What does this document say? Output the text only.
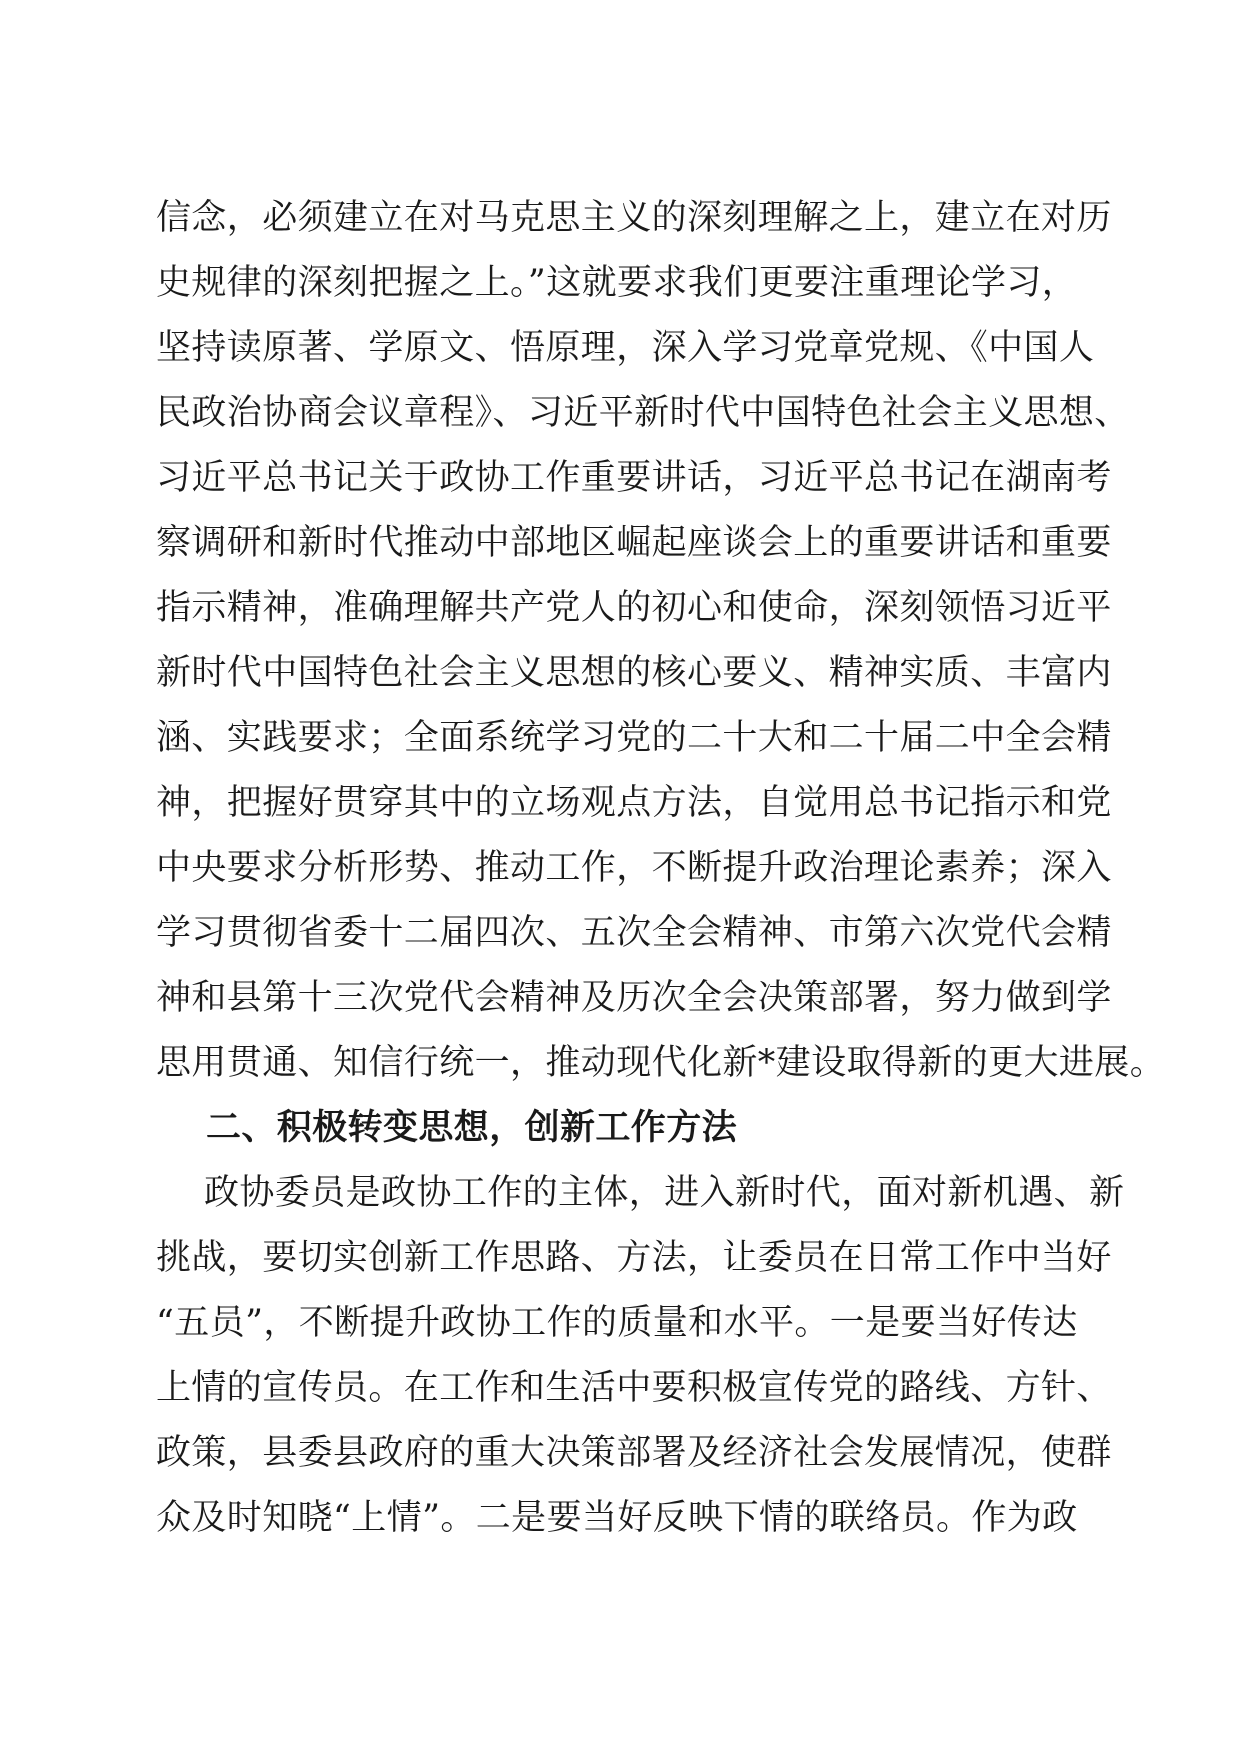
信念，必须建立在对马克思主义的深刻理解之上，建立在对历
史规律的深刻把握之上。”这就要求我们更要注重理论学习，
坚持读原著、学原文、悟原理，深入学习党章党规、《中国人
民政治协商会议章程》、习近平新时代中国特色社会主义思想、
习近平总书记关于政协工作重要讲话，习近平总书记在湖南考
察调研和新时代推动中部地区崛起座谈会上的重要讲话和重要
指示精神，准确理解共产党人的初心和使命，深刻领悟习近平
新时代中国特色社会主义思想的核心要义、精神实质、丰富内
涵、实践要求；全面系统学习党的二十大和二十届二中全会精
神，把握好贯穿其中的立场观点方法，自觉用总书记指示和党
中央要求分析形势、推动工作，不断提升政治理论素养；深入
学习贯彻省委十二届四次、五次全会精神、市第六次党代会精
神和县第十三次党代会精神及历次全会决策部署，努力做到学
思用贯通、知信行统一，推动现代化新*建设取得新的更大进展。
二、积极转变思想，创新工作方法
政协委员是政协工作的主体，进入新时代，面对新机遇、新
挑战，要切实创新工作思路、方法，让委员在日常工作中当好
“五员”，不断提升政协工作的质量和水平。一是要当好传达
上情的宣传员。在工作和生活中要积极宣传党的路线、方针、
政策，县委县政府的重大决策部署及经济社会发展情况，使群
众及时知晓“上情”。二是要当好反映下情的联络员。作为政
